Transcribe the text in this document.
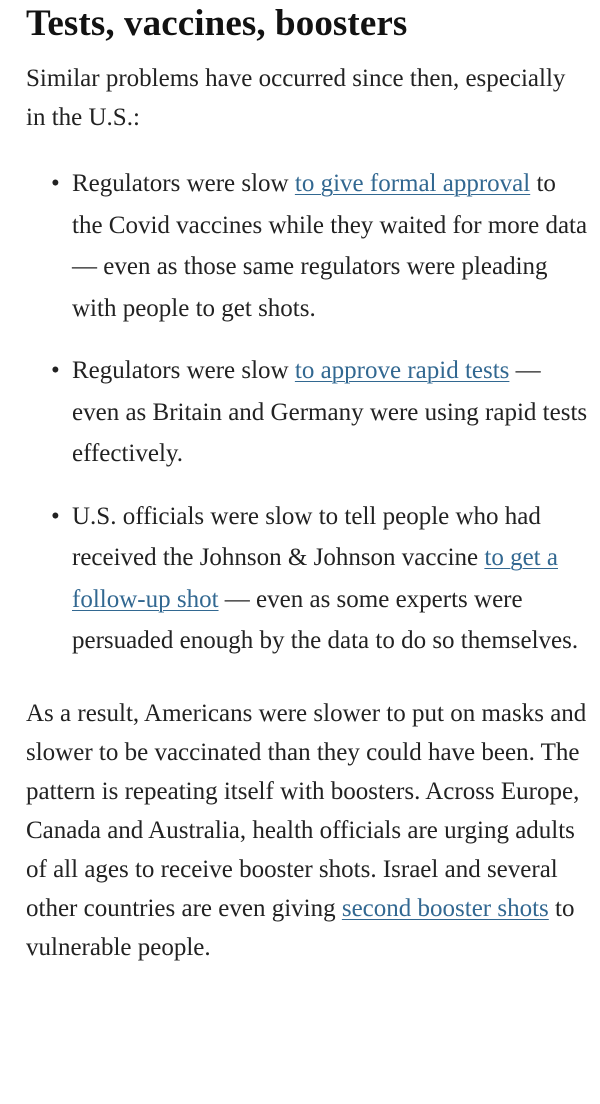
Tests, vaccines, boosters

Similar problems have occurred since then, especially in the U.S.:

• Regulators were slow to give formal approval to the Covid vaccines while they waited for more data — even as those same regulators were pleading with people to get shots.
• Regulators were slow to approve rapid tests — even as Britain and Germany were using rapid tests effectively.
• U.S. officials were slow to tell people who had received the Johnson & Johnson vaccine to get a follow-up shot — even as some experts were persuaded enough by the data to do so themselves.

As a result, Americans were slower to put on masks and slower to be vaccinated than they could have been. The pattern is repeating itself with boosters. Across Europe, Canada and Australia, health officials are urging adults of all ages to receive booster shots. Israel and several other countries are even giving second booster shots to vulnerable people.
